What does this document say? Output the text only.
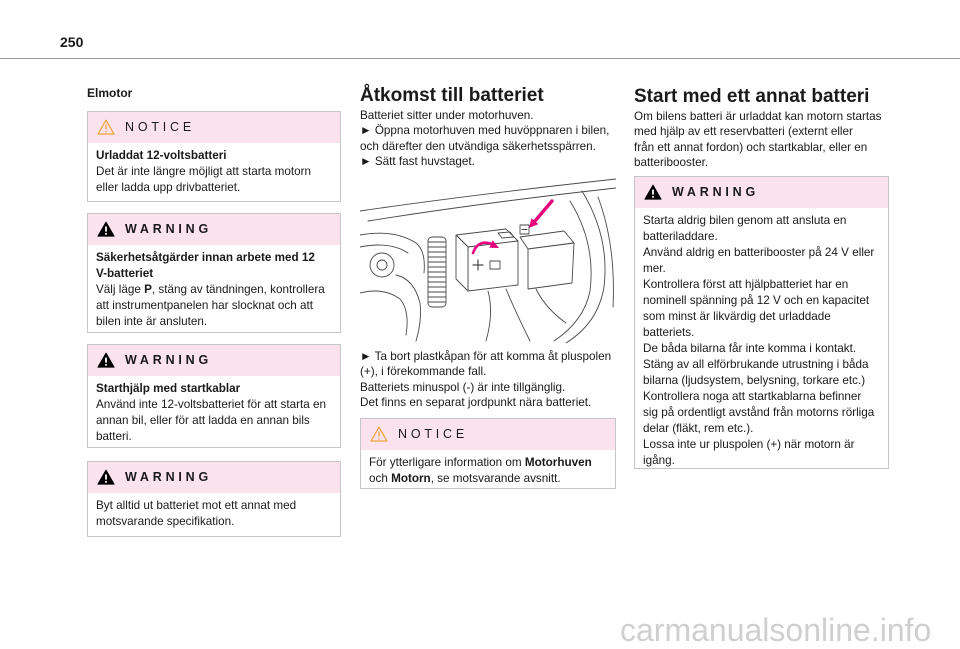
250
Elmotor
NOTICE
Urladdat 12-voltsbatteri
Det är inte längre möjligt att starta motorn
eller ladda upp drivbatteriet.
WARNING
Säkerhetsåtgärder innan arbete med 12
V-batteriet
Välj läge P, stäng av tändningen, kontrollera
att instrumentpanelen har slocknat och att
bilen inte är ansluten.
WARNING
Starthjälp med startkablar
Använd inte 12-voltsbatteriet för att starta en
annan bil, eller för att ladda en annan bils
batteri.
WARNING
Byt alltid ut batteriet mot ett annat med
motsvarande specifikation.
Åtkomst till batteriet
Batteriet sitter under motorhuven.
► Öppna motorhuven med huvöppnaren i bilen,
och därefter den utvändiga säkerhetsspärren.
► Sätt fast huvstaget.
► Ta bort plastkåpan för att komma åt pluspolen
(+), i förekommande fall.
Batteriets minuspol (-) är inte tillgänglig.
Det finns en separat jordpunkt nära batteriet.
NOTICE
För ytterligare information om Motorhuven
och Motorn, se motsvarande avsnitt.
Start med ett annat batteri
Om bilens batteri är urladdat kan motorn startas
med hjälp av ett reservbatteri (externt eller
från ett annat fordon) och startkablar, eller en
batteribooster.
WARNING
Starta aldrig bilen genom att ansluta en
batteriladdare.
Använd aldrig en batteribooster på 24 V eller
mer.
Kontrollera först att hjälpbatteriet har en
nominell spänning på 12 V och en kapacitet
som minst är likvärdig det urladdade
batteriets.
De båda bilarna får inte komma i kontakt.
Stäng av all elförbrukande utrustning i båda
bilarna (ljudsystem, belysning, torkare etc.)
Kontrollera noga att startkablarna befinner
sig på ordentligt avstånd från motorns rörliga
delar (fläkt, rem etc.).
Lossa inte ur pluspolen (+) när motorn är
igång.
carmanualsonline.info
